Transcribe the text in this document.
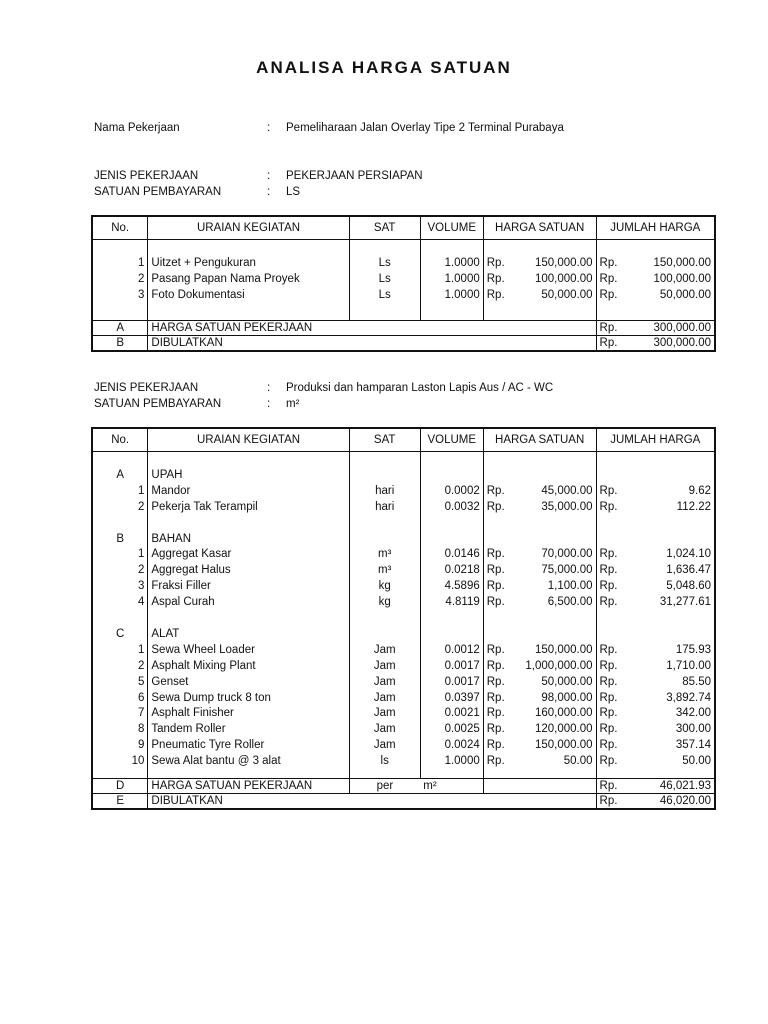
ANALISA HARGA SATUAN
Nama Pekerjaan	: Pemeliharaan Jalan Overlay Tipe 2 Terminal Purabaya
JENIS PEKERJAAN	: PEKERJAAN PERSIAPAN
SATUAN PEMBAYARAN	: LS
No.	URAIAN KEGIATAN	SAT	VOLUME	HARGA SATUAN	JUMLAH HARGA

1	Uitzet + Pengukuran	Ls	1.0000	Rp. 150,000.00	Rp. 150,000.00

2	Pasang Papan Nama Proyek	Ls	1.0000	Rp. 100,000.00	Rp. 100,000.00

3	Foto Dokumentasi	Ls	1.0000	Rp. 50,000.00	Rp. 50,000.00

A	HARGA SATUAN PEKERJAAN				Rp. 300,000.00

B	DIBULATKAN				Rp. 300,000.00
JENIS PEKERJAAN	: Produksi dan hamparan Laston Lapis Aus / AC - WC
SATUAN PEMBAYARAN	: m²
No.	URAIAN KEGIATAN	SAT	VOLUME	HARGA SATUAN	JUMLAH HARGA

A	UPAH				
1	Mandor	hari	0.0002	Rp. 45,000.00	Rp. 9.62

2	Pekerja Tak Terampil	hari	0.0032	Rp. 35,000.00	Rp. 112.22

B	BAHAN				
1	Aggregat Kasar	m³	0.0146	Rp. 70,000.00	Rp. 1,024.10

2	Aggregat Halus	m³	0.0218	Rp. 75,000.00	Rp. 1,636.47

3	Fraksi Filler	kg	4.5896	Rp. 1,100.00	Rp. 5,048.60

4	Aspal Curah	kg	4.8119	Rp. 6,500.00	Rp. 31,277.61

C	ALAT				
1	Sewa Wheel Loader	Jam	0.0012	Rp. 150,000.00	Rp. 175.93

2	Asphalt Mixing Plant	Jam	0.0017	Rp. 1,000,000.00	Rp. 1,710.00

5	Genset	Jam	0.0017	Rp. 50,000.00	Rp. 85.50

6	Sewa Dump truck 8 ton	Jam	0.0397	Rp. 98,000.00	Rp. 3,892.74

7	Asphalt Finisher	Jam	0.0021	Rp. 160,000.00	Rp. 342.00

8	Tandem Roller	Jam	0.0025	Rp. 120,000.00	Rp. 300.00

9	Pneumatic Tyre Roller	Jam	0.0024	Rp. 150,000.00	Rp. 357.14

10	Sewa Alat bantu @ 3 alat	ls	1.0000	Rp. 50.00	Rp. 50.00

D	HARGA SATUAN PEKERJAAN	per	m²		Rp. 46,021.93

E	DIBULATKAN				Rp. 46,020.00
